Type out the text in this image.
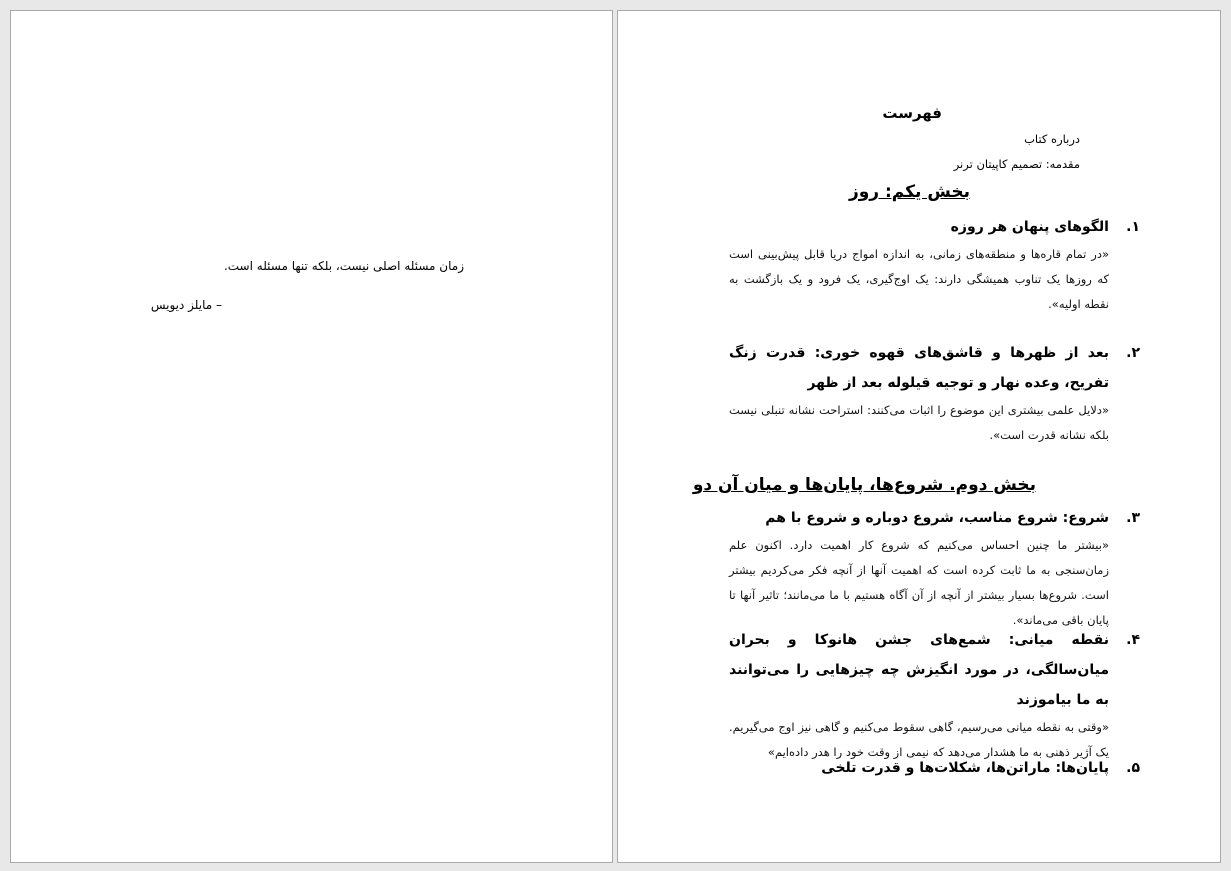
زمان مسئله اصلی نیست، بلکه تنها مسئله است.
– مایلز دیویس
فهرست
درباره کتاب
مقدمه: تصمیم کاپیتان ترنر
بخش یکم: روز
۱.
الگوهای پنهان هر روزه
«در تمام قاره‌ها و منطقه‌های زمانی، به اندازه امواج دریا قابل پیش‌بینی است که روزها یک تناوب همیشگی دارند: یک اوج‌گیری، یک فرود و یک بازگشت به نقطه اولیه».
۲.
بعد از ظهرها و قاشق‌های قهوه خوری: قدرت زنگ تفریح، وعده نهار و توجیه قیلوله بعد از ظهر
«دلایل علمی بیشتری این موضوع را اثبات می‌کنند: استراحت نشانه تنبلی نیست بلکه نشانه قدرت است».
بخش دوم. شروع‌ها، پایان‌ها و میان آن دو
۳.
شروع: شروع مناسب، شروع دوباره و شروع با هم
«بیشتر ما چنین احساس می‌کنیم که شروع کار اهمیت دارد. اکنون علم زمان‌سنجی به ما ثابت کرده است که اهمیت آنها از آنچه فکر می‌کردیم بیشتر است. شروع‌ها بسیار بیشتر از آنچه از آن آگاه هستیم با ما می‌مانند؛ تاثیر آنها تا پایان باقی می‌ماند».
۴.
نقطه میانی: شمع‌های جشن هانوکا و بحران میان‌سالگی، در مورد انگیزش چه چیزهایی را می‌توانند به ما بیاموزند
«وقتی به نقطه میانی می‌رسیم، گاهی سقوط می‌کنیم و گاهی نیز اوج می‌گیریم. یک آژیر ذهنی به ما هشدار می‌دهد که نیمی از وقت خود را هدر داده‌ایم»
۵.
پایان‌ها: ماراتن‌ها، شکلات‌ها و قدرت تلخی
